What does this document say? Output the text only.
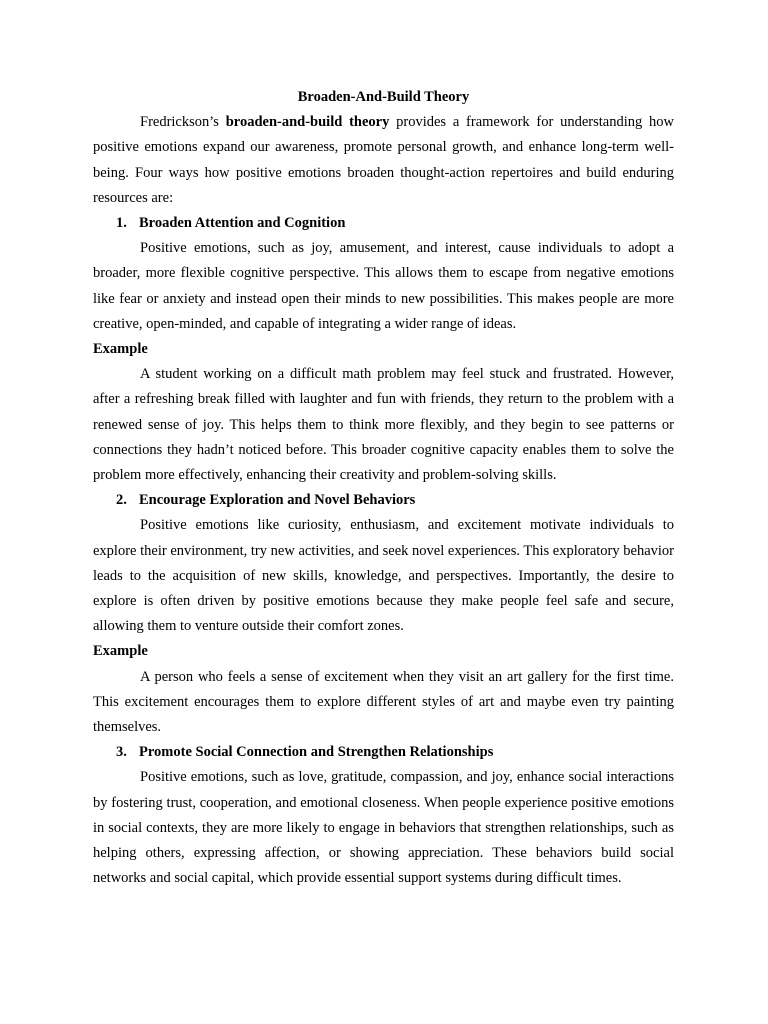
Broaden-And-Build Theory

Fredrickson’s broaden-and-build theory provides a framework for understanding how positive emotions expand our awareness, promote personal growth, and enhance long-term well-being. Four ways how positive emotions broaden thought-action repertoires and build enduring resources are:

1. Broaden Attention and Cognition

Positive emotions, such as joy, amusement, and interest, cause individuals to adopt a broader, more flexible cognitive perspective. This allows them to escape from negative emotions like fear or anxiety and instead open their minds to new possibilities. This makes people are more creative, open-minded, and capable of integrating a wider range of ideas.

Example

A student working on a difficult math problem may feel stuck and frustrated. However, after a refreshing break filled with laughter and fun with friends, they return to the problem with a renewed sense of joy. This helps them to think more flexibly, and they begin to see patterns or connections they hadn’t noticed before. This broader cognitive capacity enables them to solve the problem more effectively, enhancing their creativity and problem-solving skills.

2. Encourage Exploration and Novel Behaviors

Positive emotions like curiosity, enthusiasm, and excitement motivate individuals to explore their environment, try new activities, and seek novel experiences. This exploratory behavior leads to the acquisition of new skills, knowledge, and perspectives. Importantly, the desire to explore is often driven by positive emotions because they make people feel safe and secure, allowing them to venture outside their comfort zones.

Example

A person who feels a sense of excitement when they visit an art gallery for the first time. This excitement encourages them to explore different styles of art and maybe even try painting themselves.

3. Promote Social Connection and Strengthen Relationships

Positive emotions, such as love, gratitude, compassion, and joy, enhance social interactions by fostering trust, cooperation, and emotional closeness. When people experience positive emotions in social contexts, they are more likely to engage in behaviors that strengthen relationships, such as helping others, expressing affection, or showing appreciation. These behaviors build social networks and social capital, which provide essential support systems during difficult times.
